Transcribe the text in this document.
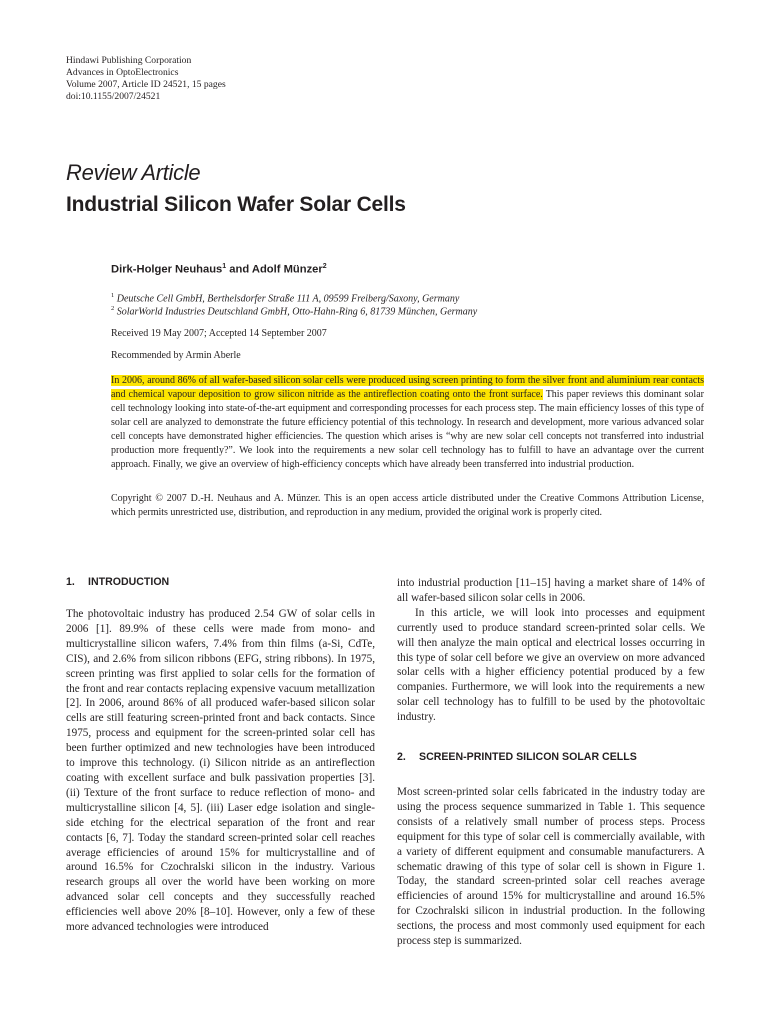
Hindawi Publishing Corporation
Advances in OptoElectronics
Volume 2007, Article ID 24521, 15 pages
doi:10.1155/2007/24521
Review Article
Industrial Silicon Wafer Solar Cells
Dirk-Holger Neuhaus$^1$ and Adolf Münzer$^2$
$^1$ Deutsche Cell GmbH, Berthelsdorfer Straße 111 A, 09599 Freiberg/Saxony, Germany
$^2$ SolarWorld Industries Deutschland GmbH, Otto-Hahn-Ring 6, 81739 München, Germany
Received 19 May 2007; Accepted 14 September 2007
Recommended by Armin Aberle
In 2006, around 86% of all wafer-based silicon solar cells were produced using screen printing to form the silver front and aluminium rear contacts and chemical vapour deposition to grow silicon nitride as the antireflection coating onto the front surface. This paper reviews this dominant solar cell technology looking into state-of-the-art equipment and corresponding processes for each process step. The main efficiency losses of this type of solar cell are analyzed to demonstrate the future efficiency potential of this technology. In research and development, more various advanced solar cell concepts have demonstrated higher efficiencies. The question which arises is “why are new solar cell concepts not transferred into industrial production more frequently?”. We look into the requirements a new solar cell technology has to fulfill to have an advantage over the current approach. Finally, we give an overview of high-efficiency concepts which have already been transferred into industrial production.
Copyright © 2007 D.-H. Neuhaus and A. Münzer. This is an open access article distributed under the Creative Commons Attribution License, which permits unrestricted use, distribution, and reproduction in any medium, provided the original work is properly cited.
1. INTRODUCTION

The photovoltaic industry has produced 2.54 GW of solar cells in 2006 [1]. 89.9% of these cells were made from mono- and multicrystalline silicon wafers, 7.4% from thin films (a-Si, CdTe, CIS), and 2.6% from silicon ribbons (EFG, string ribbons). In 1975, screen printing was first applied to solar cells for the formation of the front and rear contacts replacing expensive vacuum metallization [2]. In 2006, around 86% of all produced wafer-based silicon solar cells are still featuring screen-printed front and back contacts. Since 1975, process and equipment for the screen-printed solar cell has been further optimized and new technologies have been introduced to improve this technology. (i) Silicon nitride as an antireflection coating with excellent surface and bulk passivation properties [3]. (ii) Texture of the front surface to reduce reflection of mono- and multicrystalline silicon [4, 5]. (iii) Laser edge isolation and single-side etching for the electrical separation of the front and rear contacts [6, 7]. Today the standard screen-printed solar cell reaches average efficiencies of around 15% for multicrystalline and of around 16.5% for Czochralski silicon in the industry. Various research groups all over the world have been working on more advanced solar cell concepts and they successfully reached efficiencies well above 20% [8–10]. However, only a few of these more advanced technologies were introduced

into industrial production [11–15] having a market share of 14% of all wafer-based silicon solar cells in 2006.

In this article, we will look into processes and equipment currently used to produce standard screen-printed solar cells. We will then analyze the main optical and electrical losses occurring in this type of solar cell before we give an overview on more advanced solar cells with a higher efficiency potential produced by a few companies. Furthermore, we will look into the requirements a new solar cell technology has to fulfill to be used by the photovoltaic industry.

2. SCREEN-PRINTED SILICON SOLAR CELLS

Most screen-printed solar cells fabricated in the industry today are using the process sequence summarized in Table 1. This sequence consists of a relatively small number of process steps. Process equipment for this type of solar cell is commercially available, with a variety of different equipment and consumable manufacturers. A schematic drawing of this type of solar cell is shown in Figure 1. Today, the standard screen-printed solar cell reaches average efficiencies of around 15% for multicrystalline and around 16.5% for Czochralski silicon in industrial production. In the following sections, the process and most commonly used equipment for each process step is summarized.
